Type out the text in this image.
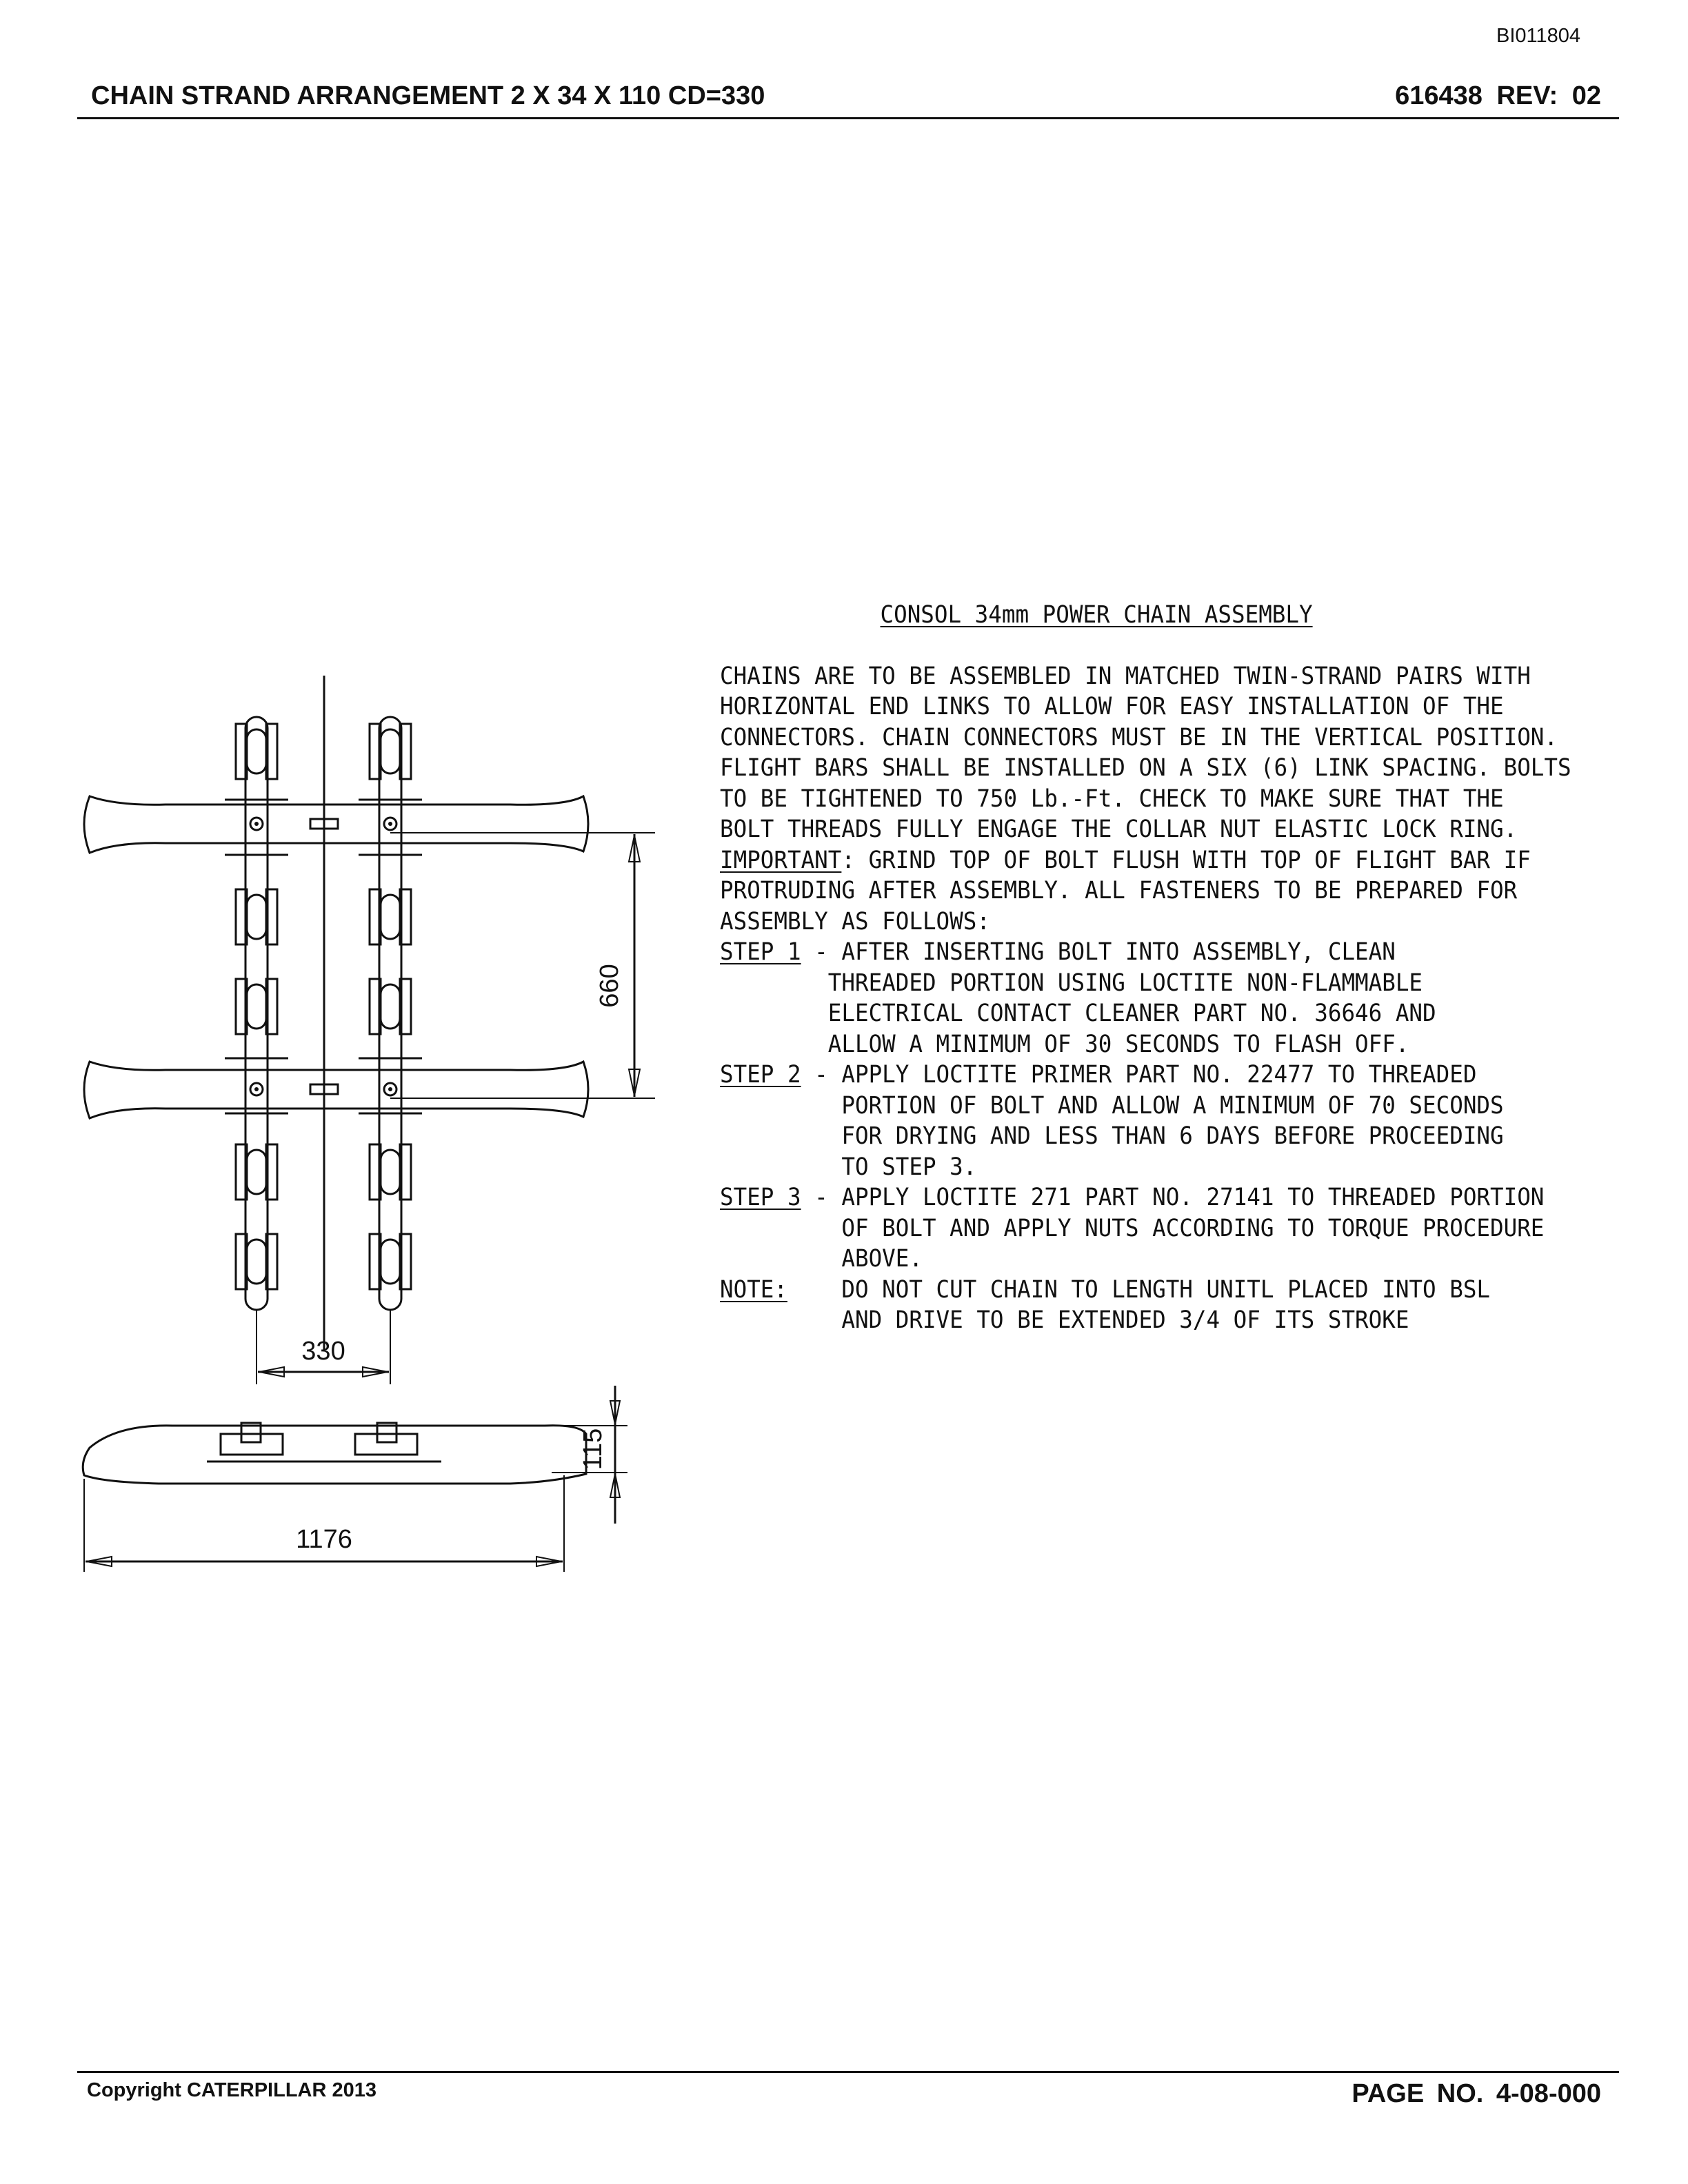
BI011804
CHAIN STRAND ARRANGEMENT 2 X 34 X 110 CD=330	616438 REV: 02
660
330
115
1176
CONSOL 34mm POWER CHAIN ASSEMBLY
CHAINS ARE TO BE ASSEMBLED IN MATCHED TWIN-STRAND PAIRS WITH
HORIZONTAL END LINKS TO ALLOW FOR EASY INSTALLATION OF THE
CONNECTORS. CHAIN CONNECTORS MUST BE IN THE VERTICAL POSITION.
FLIGHT BARS SHALL BE INSTALLED ON A SIX (6) LINK SPACING. BOLTS
TO BE TIGHTENED TO 750 Lb.-Ft. CHECK TO MAKE SURE THAT THE
BOLT THREADS FULLY ENGAGE THE COLLAR NUT ELASTIC LOCK RING.
IMPORTANT: GRIND TOP OF BOLT FLUSH WITH TOP OF FLIGHT BAR IF
PROTRUDING AFTER ASSEMBLY. ALL FASTENERS TO BE PREPARED FOR
ASSEMBLY AS FOLLOWS:
STEP 1 - AFTER INSERTING BOLT INTO ASSEMBLY, CLEAN
THREADED PORTION USING LOCTITE NON-FLAMMABLE
ELECTRICAL CONTACT CLEANER PART NO. 36646 AND
ALLOW A MINIMUM OF 30 SECONDS TO FLASH OFF.
STEP 2 - APPLY LOCTITE PRIMER PART NO. 22477 TO THREADED
PORTION OF BOLT AND ALLOW A MINIMUM OF 70 SECONDS
FOR DRYING AND LESS THAN 6 DAYS BEFORE PROCEEDING
TO STEP 3.
STEP 3 - APPLY LOCTITE 271 PART NO. 27141 TO THREADED PORTION
OF BOLT AND APPLY NUTS ACCORDING TO TORQUE PROCEDURE
ABOVE.
NOTE:    DO NOT CUT CHAIN TO LENGTH UNITL PLACED INTO BSL
AND DRIVE TO BE EXTENDED 3/4 OF ITS STROKE
Copyright CATERPILLAR 2013	PAGE NO. 4-08-000
